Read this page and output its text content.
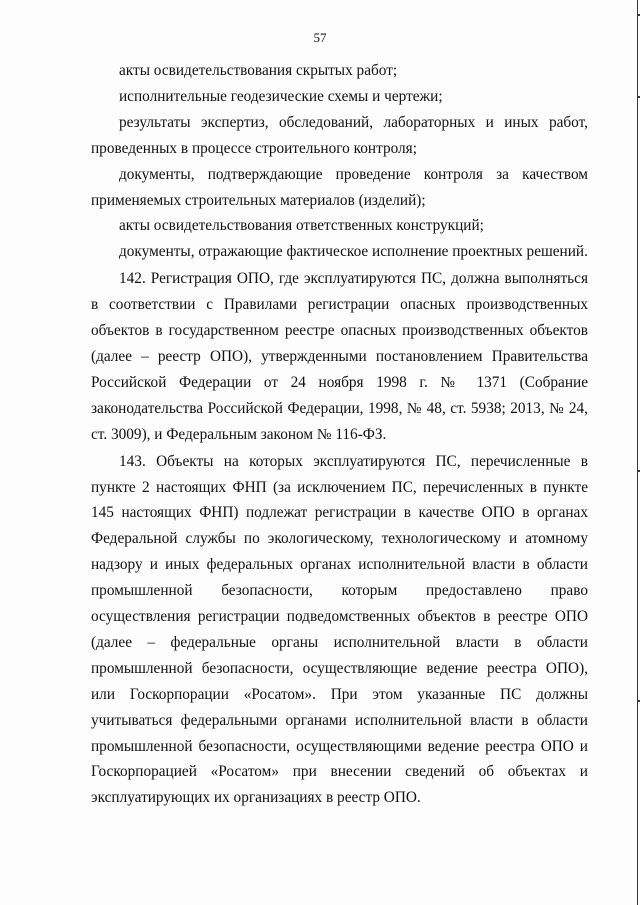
57

акты освидетельствования скрытых работ;

исполнительные геодезические схемы и чертежи;

результаты экспертиз, обследований, лабораторных и иных работ, проведенных в процессе строительного контроля;

документы, подтверждающие проведение контроля за качеством применяемых строительных материалов (изделий);

акты освидетельствования ответственных конструкций;

документы, отражающие фактическое исполнение проектных решений.

142. Регистрация ОПО, где эксплуатируются ПС, должна выполняться в соответствии с Правилами регистрации опасных производственных объектов в государственном реестре опасных производственных объектов (далее – реестр ОПО), утвержденными постановлением Правительства Российской Федерации от 24 ноября 1998 г. № 1371 (Собрание законодательства Российской Федерации, 1998, № 48, ст. 5938; 2013, № 24, ст. 3009), и Федеральным законом № 116-ФЗ.

143. Объекты на которых эксплуатируются ПС, перечисленные в пункте 2 настоящих ФНП (за исключением ПС, перечисленных в пункте 145 настоящих ФНП) подлежат регистрации в качестве ОПО в органах Федеральной службы по экологическому, технологическому и атомному надзору и иных федеральных органах исполнительной власти в области промышленной безопасности, которым предоставлено право осуществления регистрации подведомственных объектов в реестре ОПО (далее – федеральные органы исполнительной власти в области промышленной безопасности, осуществляющие ведение реестра ОПО), или Госкорпорации «Росатом». При этом указанные ПС должны учитываться федеральными органами исполнительной власти в области промышленной безопасности, осуществляющими ведение реестра ОПО и Госкорпорацией «Росатом» при внесении сведений об объектах и эксплуатирующих их организациях в реестр ОПО.
